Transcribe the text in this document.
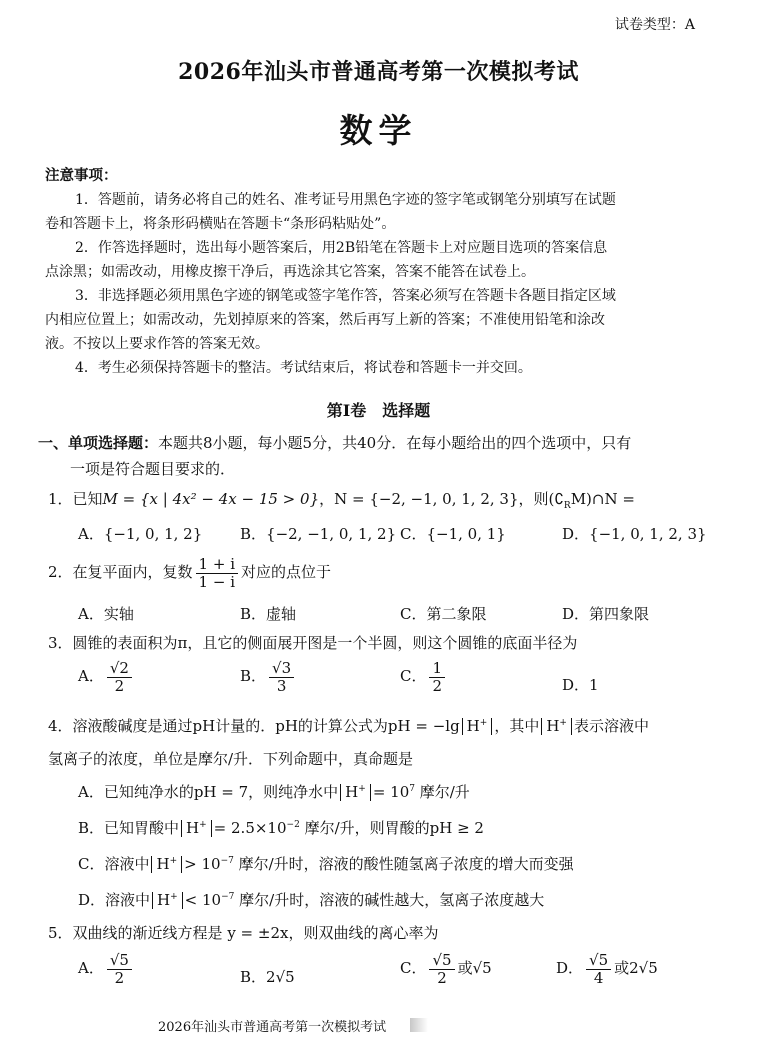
试卷类型：A
2026年汕头市普通高考第一次模拟考试
数学
注意事项：
1．答题前，请务必将自己的姓名、准考证号用黑色字迹的签字笔或钢笔分别填写在试题
卷和答题卡上，将条形码横贴在答题卡“条形码粘贴处”。
2．作答选择题时，选出每小题答案后，用2B铅笔在答题卡上对应题目选项的答案信息
点涂黑；如需改动，用橡皮擦干净后，再选涂其它答案，答案不能答在试卷上。
3．非选择题必须用黑色字迹的钢笔或签字笔作答，答案必须写在答题卡各题目指定区域
内相应位置上；如需改动，先划掉原来的答案，然后再写上新的答案；不准使用铅笔和涂改
液。不按以上要求作答的答案无效。
4．考生必须保持答题卡的整洁。考试结束后，将试卷和答题卡一并交回。
第Ⅰ卷　选择题
一、单项选择题：本题共8小题，每小题5分，共40分．在每小题给出的四个选项中，只有
一项是符合题目要求的．
1．已知M = {x | 4x² − 4x − 15 > 0}，N = {−2, −1, 0, 1, 2, 3}，则$(∁_RM)\cap N$ =
A．{−1, 0, 1, 2}	B．{−2, −1, 0, 1, 2} C．{−1, 0, 1}	D．{−1, 0, 1, 2, 3}
2．在复平面内，复数 $\frac{1 + i}{1 - i}$ 对应的点位于
A．实轴	B．虚轴	C．第二象限	D．第四象限
3．圆锥的表面积为π，且它的侧面展开图是一个半圆，则这个圆锥的底面半径为
A． $\frac{√2}{2}$	B． $\frac{√3}{3}$	C． $\frac{1}{2}$	D．1
4．溶液酸碱度是通过pH计量的．pH的计算公式为pH = −lg H+ ，其中 H+ 表示溶液中
氢离子的浓度，单位是摩尔/升．下列命题中，真命题是
A．已知纯净水的pH = 7，则纯净水中 $H^+ = 10^7$ 摩尔/升
B．已知胃酸中 $H^+ = 2.5\times 10^{-2}$ 摩尔/升，则胃酸的pH ≥ 2
C．溶液中 $H^+ > 10^{-7}$ 摩尔/升时，溶液的酸性随氢离子浓度的增大而变强
D．溶液中 $H^+ < 10^{-7}$ 摩尔/升时，溶液的碱性越大，氢离子浓度越大
5．双曲线的渐近线方程是 y = ±2x，则双曲线的离心率为
A． $\frac{√5}{2}$	B．2√5	C． $\frac{√5}{2}$ 或√5	D． $\frac{√5}{4}$ 或2√5
2026年汕头市普通高考第一次模拟考试
